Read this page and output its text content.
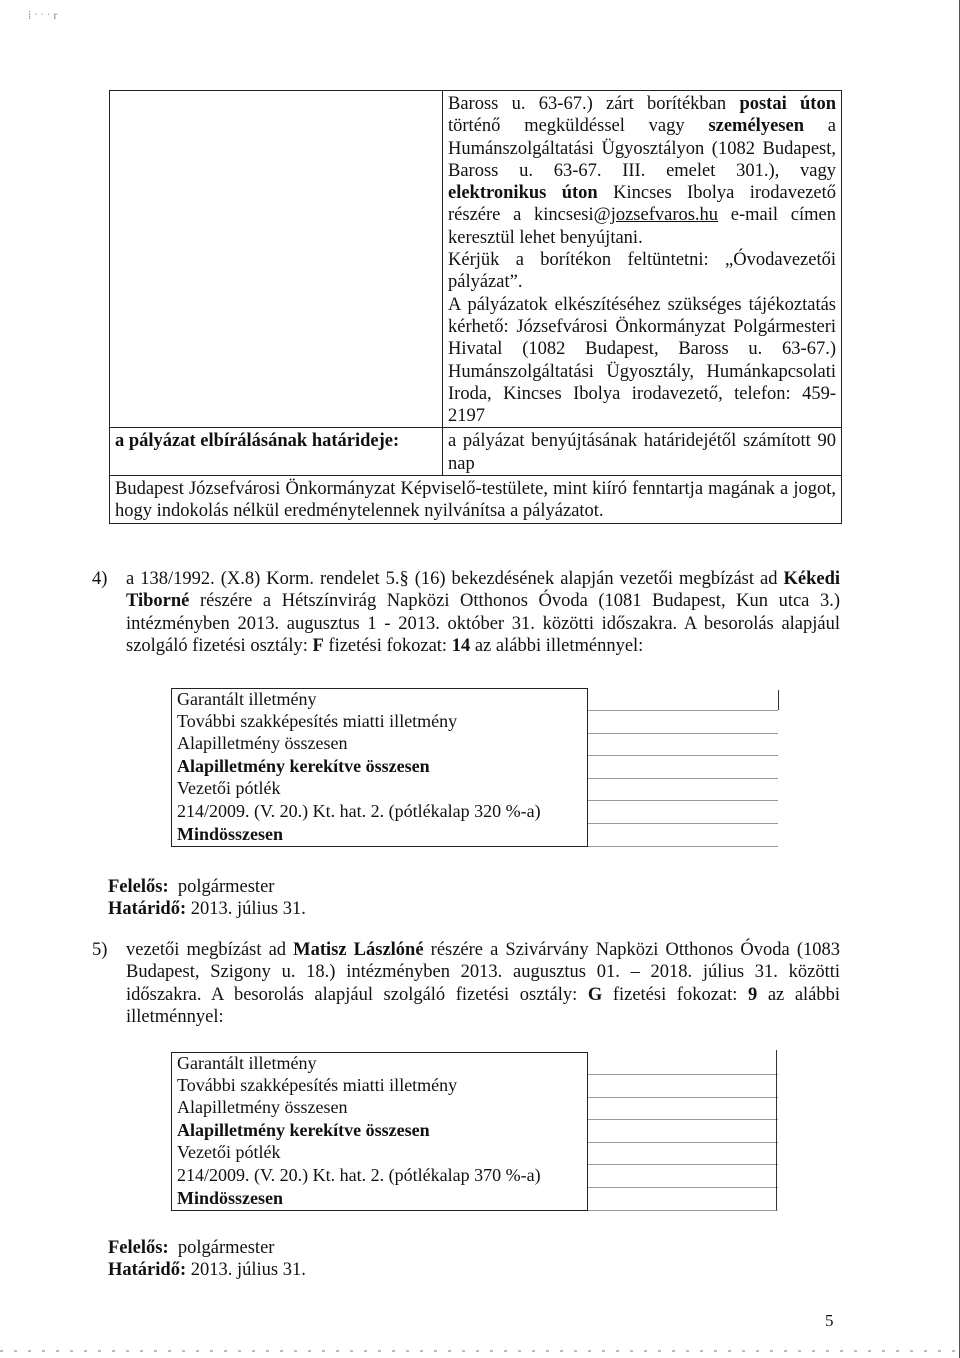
⁞ ˑ ˑ ˑ r

	Baross u. 63-67.) zárt borítékban postai úton történő megküldéssel vagy személyesen a Humánszolgáltatási Ügyosztályon (1082 Budapest, Baross u. 63-67. III. emelet 301.), vagy elektronikus úton Kincses Ibolya irodavezető részére a kincsesi@jozsefvaros.hu e-mail címen keresztül lehet benyújtani.

Kérjük a borítékon feltüntetni: „Óvodavezetői pályázat”.

A pályázatok elkészítéséhez szükséges tájékoztatás kérhető: Józsefvárosi Önkormányzat Polgármesteri Hivatal (1082 Budapest, Baross u. 63-67.) Humánszolgáltatási Ügyosztály, Humánkapcsolati Iroda, Kincses Ibolya irodavezető, telefon: 459-2197

a pályázat elbírálásának határideje:	a pályázat benyújtásának határidejétől számított 90 nap
Budapest Józsefvárosi Önkormányzat Képviselő-testülete, mint kiíró fenntartja magának a jogot, hogy indokolás nélkül eredménytelennek nyilvánítsa a pályázatot.	
4)	a 138/1992. (X.8) Korm. rendelet 5.§ (16) bekezdésének alapján vezetői megbízást ad Kékedi Tiborné részére a Hétszínvirág Napközi Otthonos Óvoda (1081 Budapest, Kun utca 3.) intézményben 2013. augusztus 1 - 2013. október 31. közötti időszakra. A besorolás alapjául szolgáló fizetési osztály: F fizetési fokozat: 14 az alábbi illetménnyel:

Garantált illetmény	
További szakképesítés miatti illetmény	
Alapilletmény összesen	
Alapilletmény kerekítve összesen	
Vezetői pótlék	
214/2009. (V. 20.) Kt. hat. 2. (pótlékalap 320 %-a)	
Mindösszesen	

Felelős: polgármester

Határidő: 2013. július 31.

5)	vezetői megbízást ad Matisz Lászlóné részére a Szivárvány Napközi Otthonos Óvoda (1083 Budapest, Szigony u. 18.) intézményben 2013. augusztus 01. – 2018. július 31. közötti időszakra. A besorolás alapjául szolgáló fizetési osztály: G fizetési fokozat: 9 az alábbi illetménnyel:

Garantált illetmény	
További szakképesítés miatti illetmény	
Alapilletmény összesen	
Alapilletmény kerekítve összesen	
Vezetői pótlék	
214/2009. (V. 20.) Kt. hat. 2. (pótlékalap 370 %-a)	
Mindösszesen	

Felelős: polgármester

Határidő: 2013. július 31.

5
